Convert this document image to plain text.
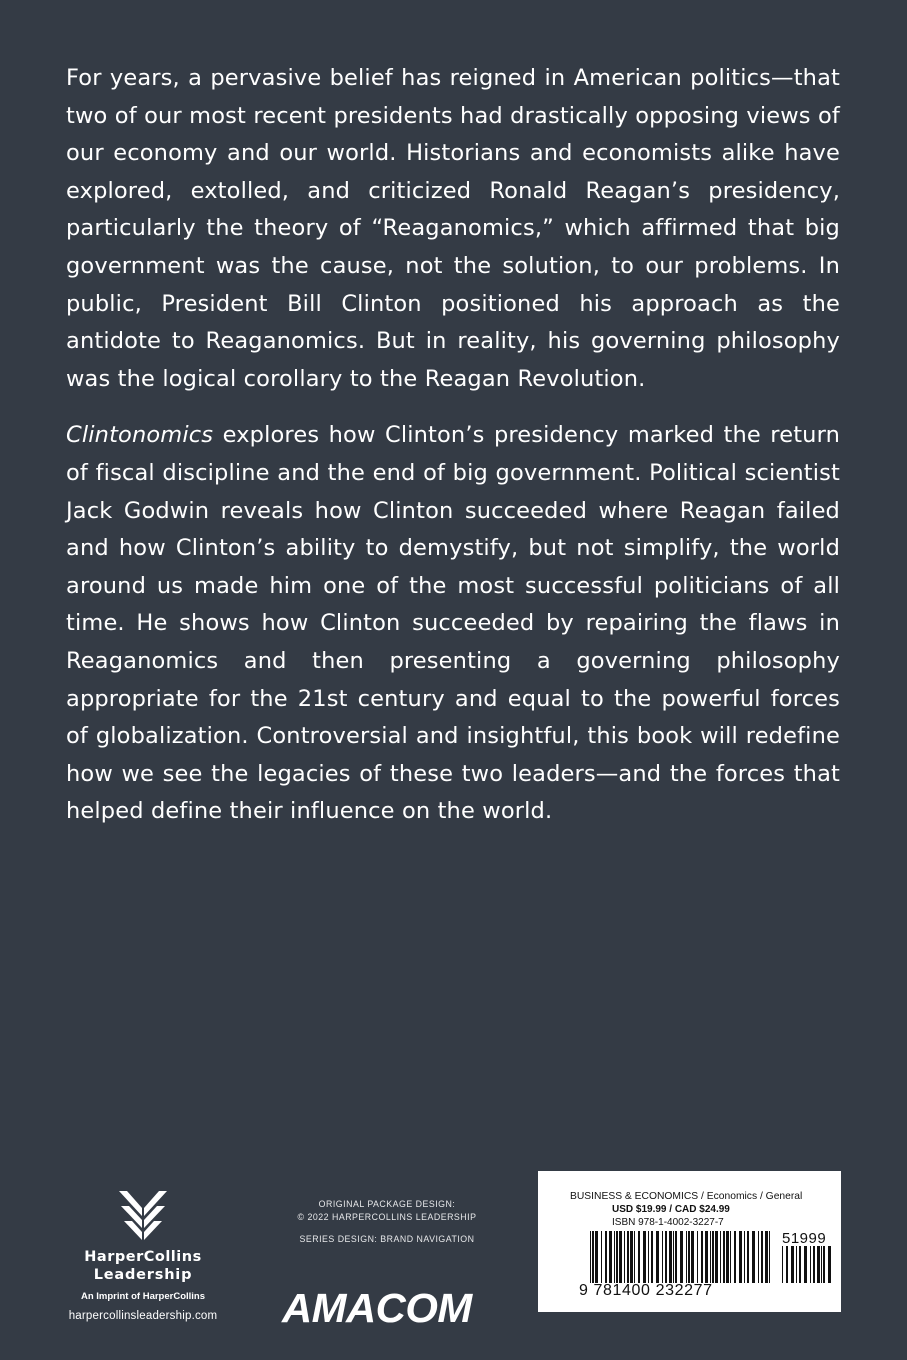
For years, a pervasive belief has reigned in American politics—that two of our most recent presidents had drastically opposing views of our economy and our world. Historians and economists alike have explored, extolled, and criticized Ronald Reagan’s presidency, particularly the theory of “Reaganomics,” which affirmed that big government was the cause, not the solution, to our problems. In public, President Bill Clinton positioned his approach as the antidote to Reaganomics. But in reality, his governing philosophy was the logical corollary to the Reagan Revolution.

Clintonomics explores how Clinton’s presidency marked the return of fiscal discipline and the end of big government. Political scientist Jack Godwin reveals how Clinton succeeded where Reagan failed and how Clinton’s ability to demystify, but not simplify, the world around us made him one of the most successful politicians of all time. He shows how Clinton succeeded by repairing the flaws in Reaganomics and then presenting a governing philosophy appropriate for the 21st century and equal to the powerful forces of globalization. Controversial and insightful, this book will redefine how we see the legacies of these two leaders—and the forces that helped define their influence on the world.

HarperCollins
Leadership
An Imprint of HarperCollins
harpercollinsleadership.com
ORIGINAL PACKAGE DESIGN:
© 2022 HARPERCOLLINS LEADERSHIP
SERIES DESIGN: BRAND NAVIGATION
AMACOM
BUSINESS & ECONOMICS / Economics / General
USD $19.99 / CAD $24.99
ISBN 978-1-4002-3227-7
51999
9 781400 232277
